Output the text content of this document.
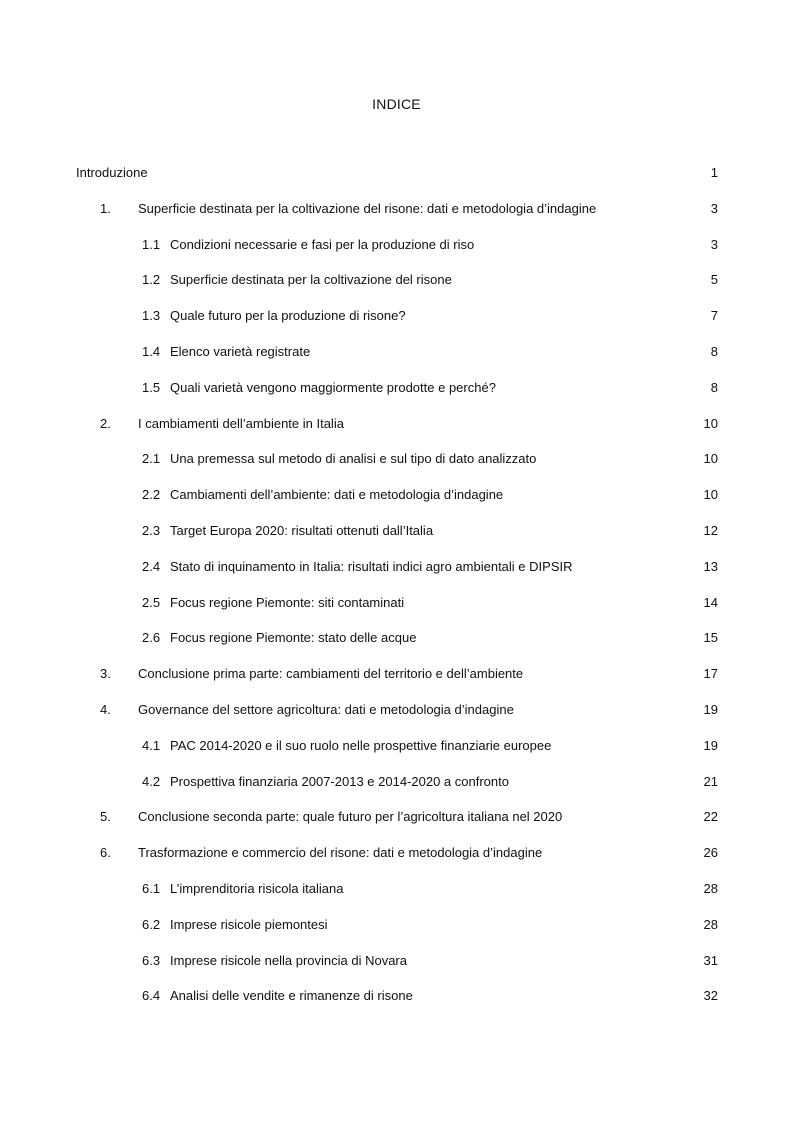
INDICE
Introduzione	1
1. Superficie destinata per la coltivazione del risone: dati e metodologia d’indagine	3
1.1 Condizioni necessarie e fasi per la produzione di riso	3
1.2 Superficie destinata per la coltivazione del risone	5
1.3 Quale futuro per la produzione di risone?	7
1.4 Elenco varietà registrate	8
1.5 Quali varietà vengono maggiormente prodotte e perché?	8
2. I cambiamenti dell’ambiente in Italia	10
2.1 Una premessa sul metodo di analisi e sul tipo di dato analizzato	10
2.2 Cambiamenti dell’ambiente: dati e metodologia d’indagine	10
2.3 Target Europa 2020: risultati ottenuti dall’Italia	12
2.4 Stato di inquinamento in Italia: risultati indici agro ambientali e DIPSIR	13
2.5 Focus regione Piemonte: siti contaminati	14
2.6 Focus regione Piemonte: stato delle acque	15
3. Conclusione prima parte: cambiamenti del territorio e dell’ambiente	17
4. Governance del settore agricoltura: dati e metodologia d’indagine	19
4.1 PAC 2014-2020 e il suo ruolo nelle prospettive finanziarie europee	19
4.2 Prospettiva finanziaria 2007-2013 e 2014-2020 a confronto	21
5. Conclusione seconda parte: quale futuro per l’agricoltura italiana nel 2020	22
6. Trasformazione e commercio del risone: dati e metodologia d’indagine	26
6.1 L’imprenditoria risicola italiana	28
6.2 Imprese risicole piemontesi	28
6.3 Imprese risicole nella provincia di Novara	31
6.4 Analisi delle vendite e rimanenze di risone	32
